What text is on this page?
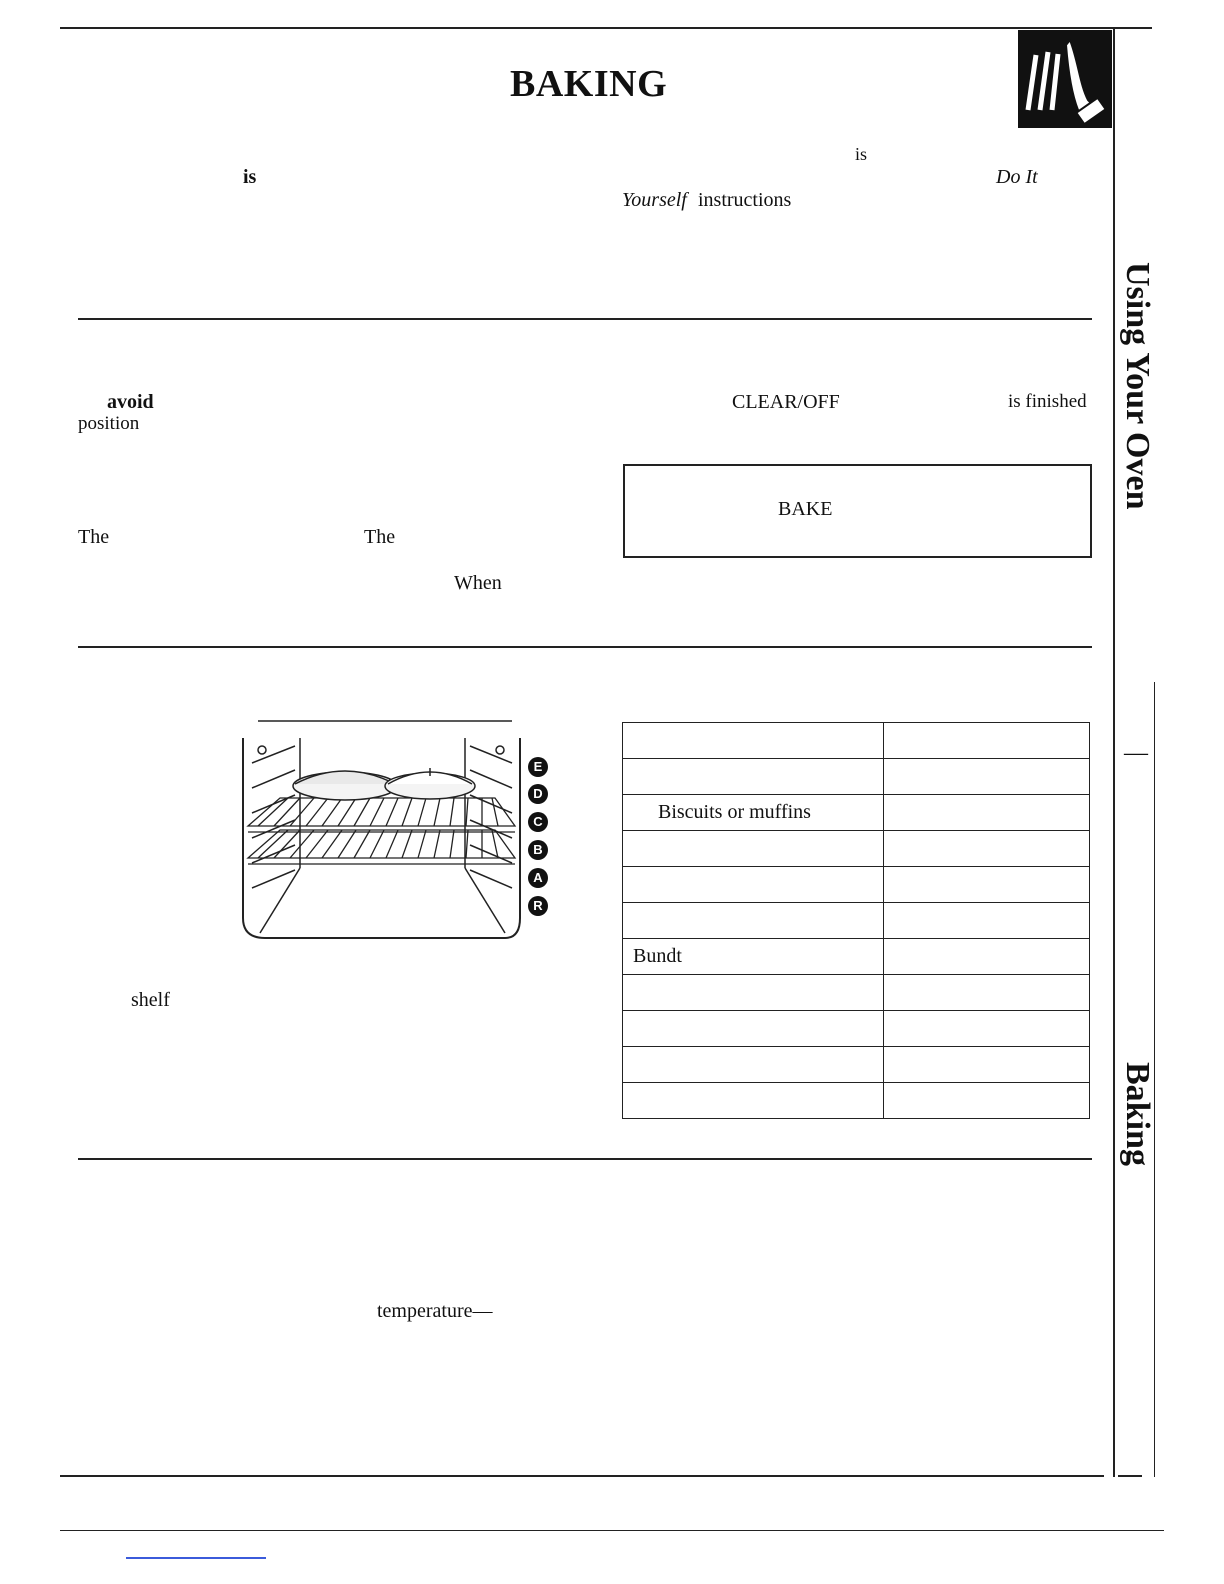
BAKING
is
is	Do It
Yourself instructions
avoid
position
CLEAR/OFF	is finished
The	The
When
BAKE
E
D
C
B
A
R
shelf

Biscuits or muffins	

Bundt	

temperature—
Using Your Oven
—
Baking
